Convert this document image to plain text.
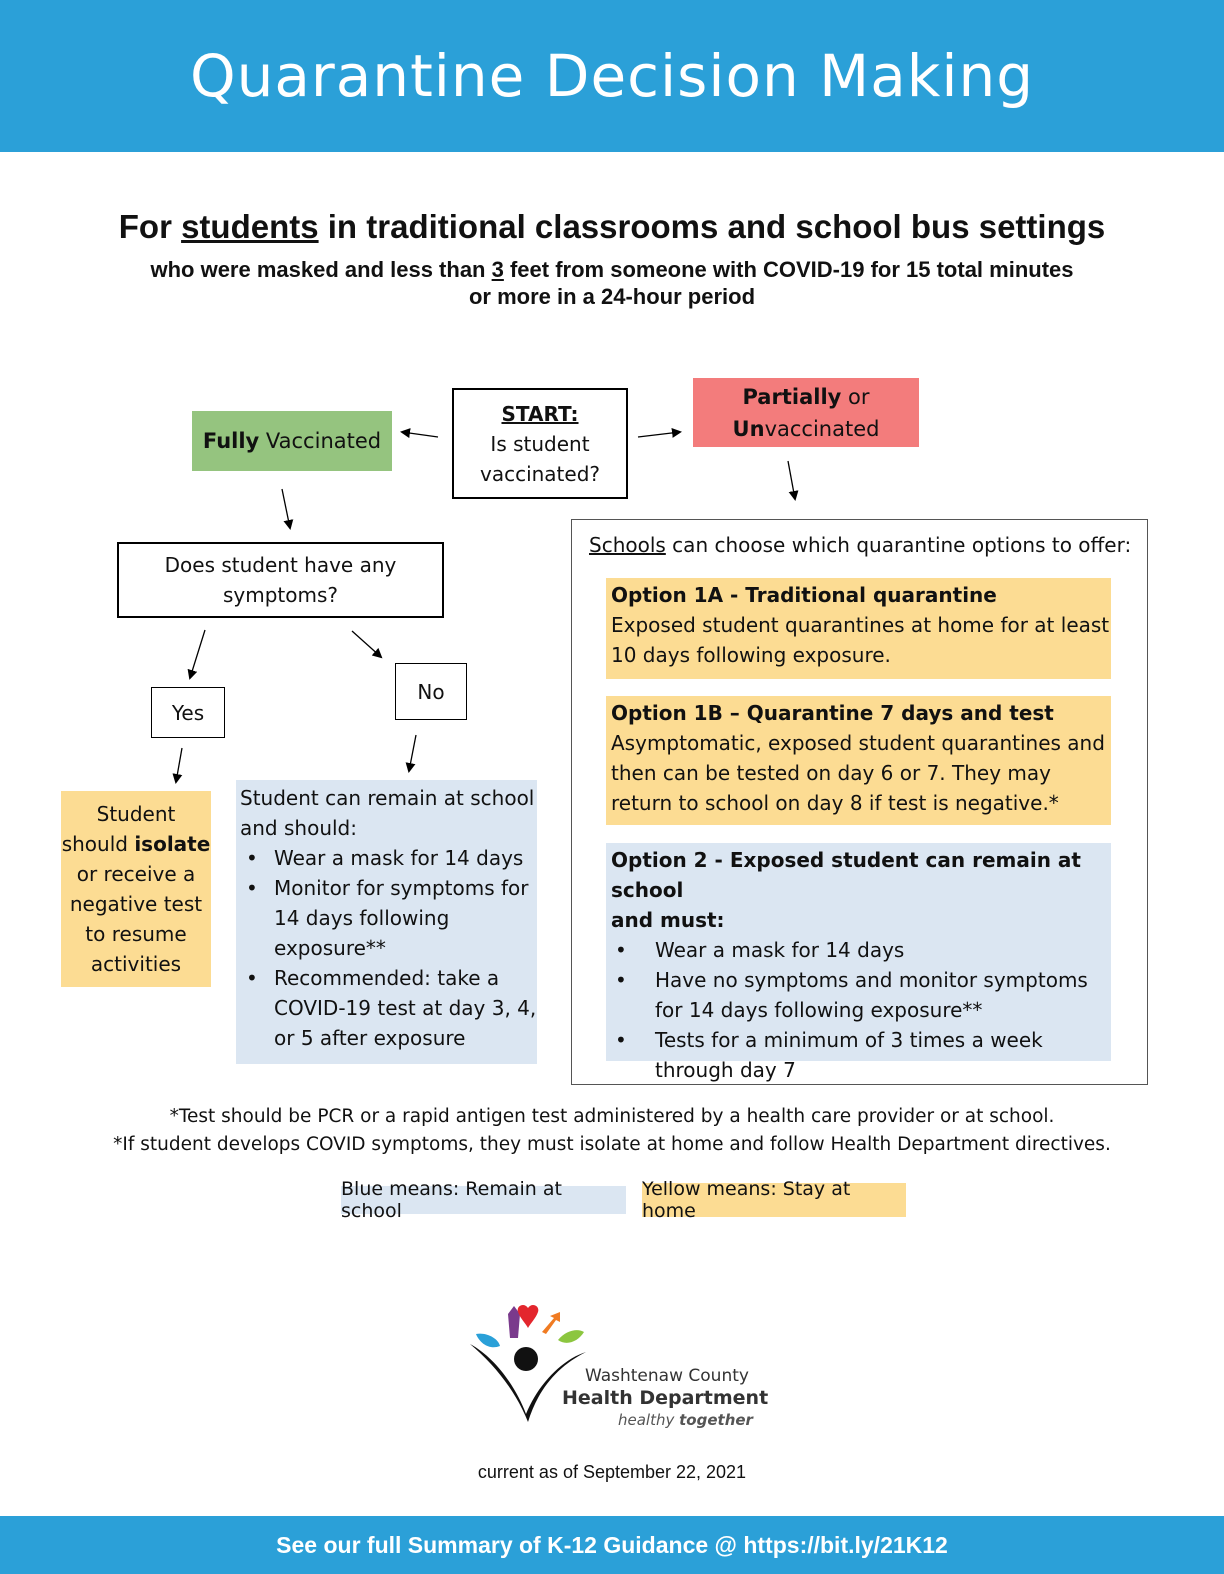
Quarantine Decision Making
For students in traditional classrooms and school bus settings
who were masked and less than 3 feet from someone with COVID-19 for 15 total minutes
or more in a 24-hour period
START:
Is student
vaccinated?
Fully Vaccinated
Partially or
Unvaccinated
Does student have any
symptoms?
Yes
No
Student
should isolate
or receive a
negative test
to resume
activities
Student can remain at school
and should:
• Wear a mask for 14 days
• Monitor for symptoms for
14 days following
exposure**
• Recommended: take a
COVID-19 test at day 3, 4,
or 5 after exposure
Schools can choose which quarantine options to offer:
Option 1A - Traditional quarantine
Exposed student quarantines at home for at least
10 days following exposure.
Option 1B – Quarantine 7 days and test
Asymptomatic, exposed student quarantines and
then can be tested on day 6 or 7. They may
return to school on day 8 if test is negative.*
Option 2 - Exposed student can remain at school
and must:
• Wear a mask for 14 days
• Have no symptoms and monitor symptoms
for 14 days following exposure**
• Tests for a minimum of 3 times a week
through day 7
*Test should be PCR or a rapid antigen test administered by a health care provider or at school.
*If student develops COVID symptoms, they must isolate at home and follow Health Department directives.
Blue means: Remain at school
Yellow means: Stay at home
Washtenaw County
Health Department
healthy together
current as of September 22, 2021
See our full Summary of K-12 Guidance @ https://bit.ly/21K12
